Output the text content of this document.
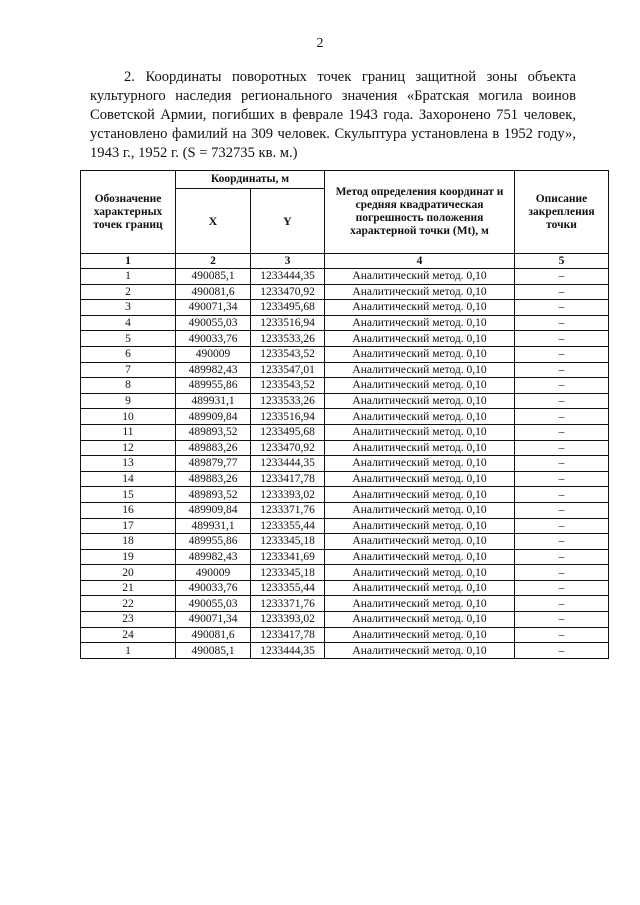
2

2. Координаты поворотных точек границ защитной зоны объекта культурного наследия регионального значения «Братская могила воинов Советской Армии, погибших в феврале 1943 года. Захоронено 751 человек, установлено фамилий на 309 человек. Скульптура установлена в 1952 году», 1943 г., 1952 г. (S = 732735 кв. м.)

Обозначение характерных точек границ	Координаты, м		Метод определения координат и средняя квадратическая погрешность положения характерной точки (Mt), м	Описание закрепления точки
	X	Y		
1	2	3	4	5
1	490085,1	1233444,35	Аналитический метод. 0,10	–
2	490081,6	1233470,92	Аналитический метод. 0,10	–
3	490071,34	1233495,68	Аналитический метод. 0,10	–
4	490055,03	1233516,94	Аналитический метод. 0,10	–
5	490033,76	1233533,26	Аналитический метод. 0,10	–
6	490009	1233543,52	Аналитический метод. 0,10	–
7	489982,43	1233547,01	Аналитический метод. 0,10	–
8	489955,86	1233543,52	Аналитический метод. 0,10	–
9	489931,1	1233533,26	Аналитический метод. 0,10	–
10	489909,84	1233516,94	Аналитический метод. 0,10	–
11	489893,52	1233495,68	Аналитический метод. 0,10	–
12	489883,26	1233470,92	Аналитический метод. 0,10	–
13	489879,77	1233444,35	Аналитический метод. 0,10	–
14	489883,26	1233417,78	Аналитический метод. 0,10	–
15	489893,52	1233393,02	Аналитический метод. 0,10	–
16	489909,84	1233371,76	Аналитический метод. 0,10	–
17	489931,1	1233355,44	Аналитический метод. 0,10	–
18	489955,86	1233345,18	Аналитический метод. 0,10	–
19	489982,43	1233341,69	Аналитический метод. 0,10	–
20	490009	1233345,18	Аналитический метод. 0,10	–
21	490033,76	1233355,44	Аналитический метод. 0,10	–
22	490055,03	1233371,76	Аналитический метод. 0,10	–
23	490071,34	1233393,02	Аналитический метод. 0,10	–
24	490081,6	1233417,78	Аналитический метод. 0,10	–
1	490085,1	1233444,35	Аналитический метод. 0,10	–
